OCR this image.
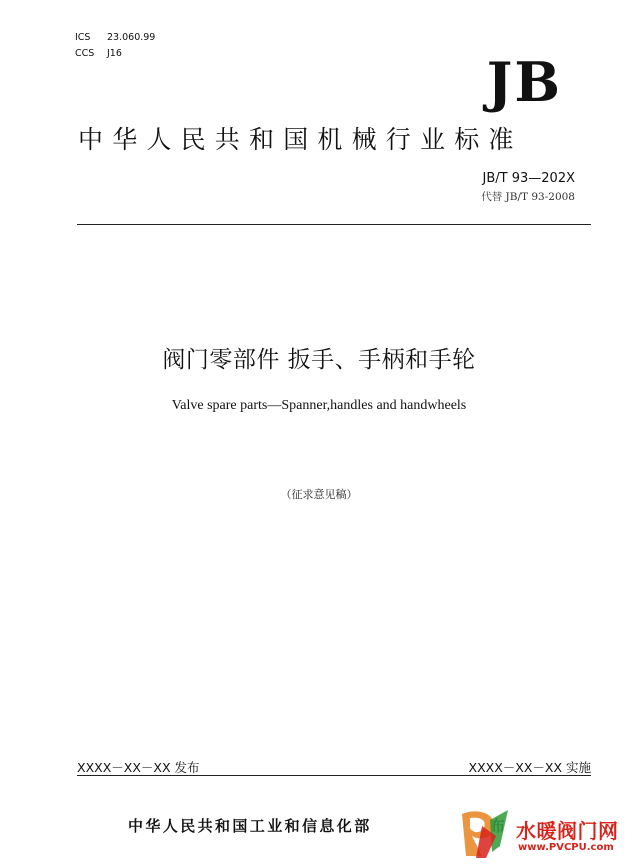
ICS 23.060.99
CCS J16	JB
中华人民共和国机械行业标准
JB/T 93—202X
代替 JB/T 93-2008
阀门零部件 扳手、手柄和手轮
Valve spare parts—Spanner,handles and handwheels
（征求意见稿）
XXXX－XX－XX 发布	XXXX－XX－XX 实施
中华人民共和国工业和信息化部	水暖阀门网
www.PVCPU.com
